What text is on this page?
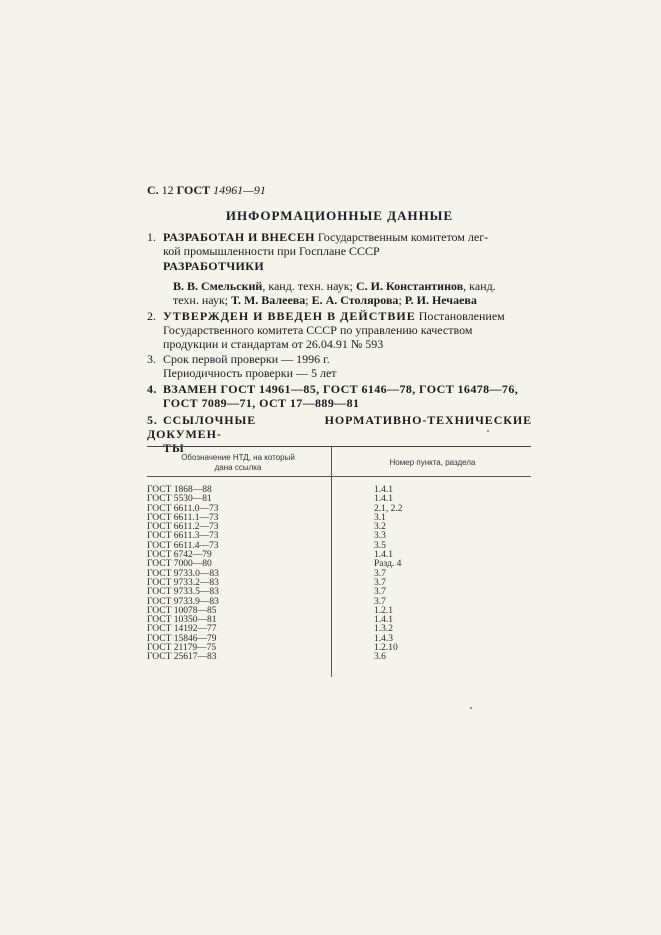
С. 12 ГОСТ 14961—91
ИНФОРМАЦИОННЫЕ ДАННЫЕ
1. РАЗРАБОТАН И ВНЕСЕН Государственным комитетом лег-
кой промышленности при Госплане СССР
РАЗРАБОТЧИКИ
В. В. Смельский, канд. техн. наук; С. И. Константинов, канд.
техн. наук; Т. М. Валеева; Е. А. Столярова; Р. И. Нечаева
2. УТВЕРЖДЕН И ВВЕДЕН В ДЕЙСТВИЕ Постановлением
Государственного комитета СССР по управлению качеством
продукции и стандартам от 26.04.91 № 593
3. Срок первой проверки — 1996 г.
Периодичность проверки — 5 лет
4. ВЗАМЕН ГОСТ 14961—85, ГОСТ 6146—78, ГОСТ 16478—76,
ГОСТ 7089—71, ОСТ 17—889—81
5. ССЫЛОЧНЫЕ НОРМАТИВНО-ТЕХНИЧЕСКИЕ ДОКУМЕН-
ТЫ
Обозначение НТД, на который
дана ссылка
Номер пункта, раздела
ГОСТ 1868—88
ГОСТ 5530—81
ГОСТ 6611.0—73
ГОСТ 6611.1—73
ГОСТ 6611.2—73
ГОСТ 6611.3—73
ГОСТ 6611.4—73
ГОСТ 6742—79
ГОСТ 7000—80
ГОСТ 9733.0—83
ГОСТ 9733.2—83
ГОСТ 9733.5—83
ГОСТ 9733.9—83
ГОСТ 10078—85
ГОСТ 10350—81
ГОСТ 14192—77
ГОСТ 15846—79
ГОСТ 21179—75
ГОСТ 25617—83
1.4.1
1.4.1
2.1, 2.2
3.1
3.2
3.3
3.5
1.4.1
Разд. 4
3.7
3.7
3.7
3.7
1.2.1
1.4.1
1.3.2
1.4.3
1.2.10
3.6
